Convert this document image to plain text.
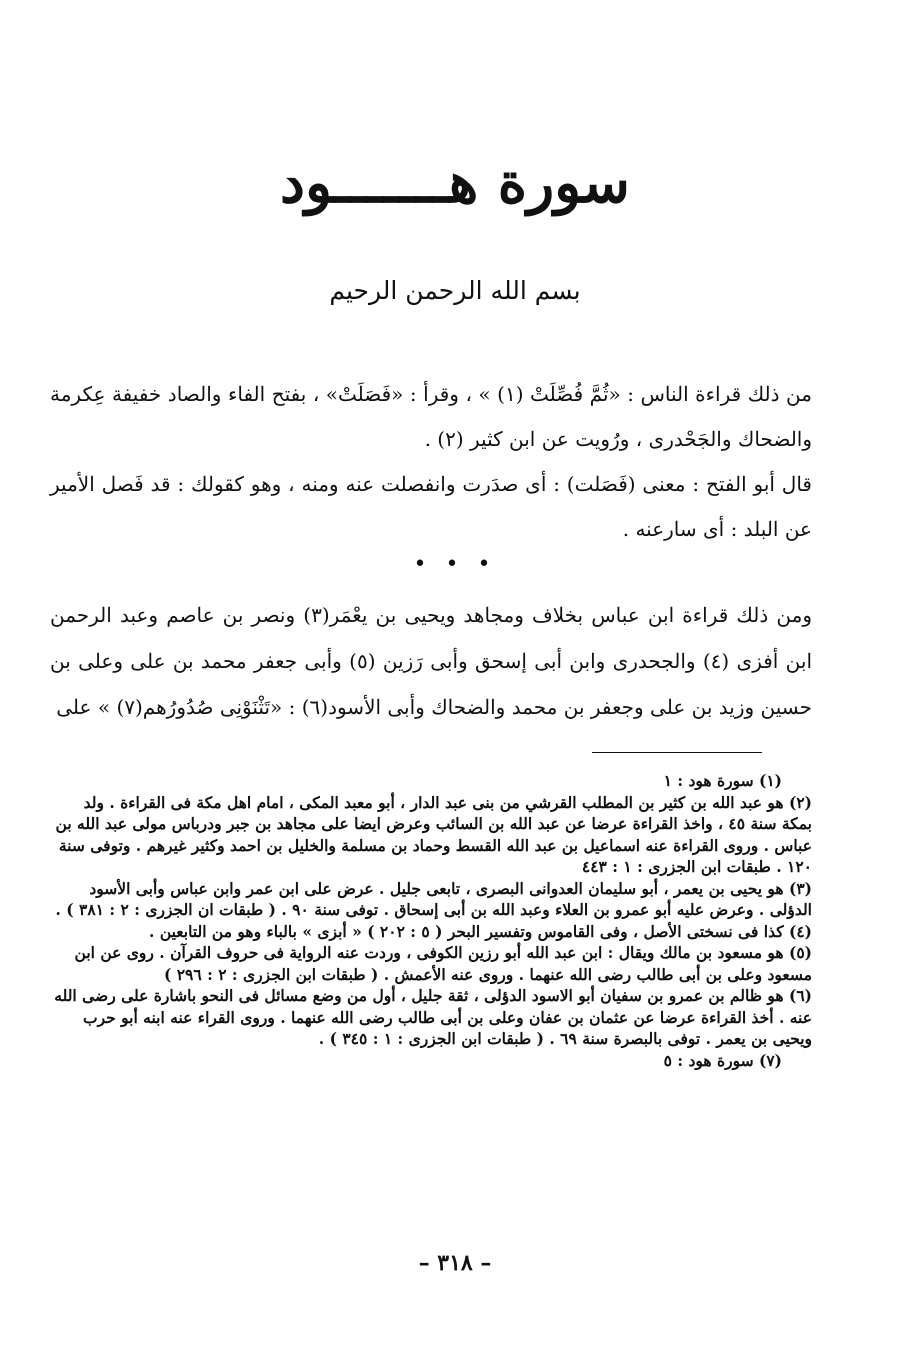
سورة هـــــــود
بسم الله الرحمن الرحيم

من ذلك قراءة الناس : «ثُمَّ فُصِّلَتْ (١) » ، وقرأ : «فَصَلَتْ» ، بفتح الفاء والصاد خفيفة عِكرمة والضحاك والجَحْدرى ، ورُويت عن ابن كثير (٢) .

قال أبو الفتح : معنى (فَصَلت) : أى صدَرت وانفصلت عنه ومنه ، وهو كقولك : قد فَصل الأمير عن البلد : أى سارعنه .

• • •

ومن ذلك قراءة ابن عباس بخلاف ومجاهد ويحيى بن يعْمَر(٣) ونصر بن عاصم وعبد الرحمن ابن أفزى (٤) والجحدرى وابن أبى إسحق وأبى رَزين (٥) وأبى جعفر محمد بن على وعلى بن حسين وزيد بن على وجعفر بن محمد والضحاك وأبى الأسود(٦) : «تَثْنَوْنِى صُدُورُهم(٧) » على

(١) سورة هود : ١

(٢) هو عبد الله بن كثير بن المطلب القرشي من بنى عبد الدار ، أبو معبد المكى ، امام اهل مكة فى القراءة . ولد بمكة سنة ٤٥ ، واخذ القراءة عرضا عن عبد الله بن السائب وعرض ايضا على مجاهد بن جبر ودرباس مولى عبد الله بن عباس . وروى القراءة عنه اسماعيل بن عبد الله القسط وحماد بن مسلمة والخليل بن احمد وكثير غيرهم . وتوفى سنة ١٢٠ . طبقات ابن الجزرى : ١ : ٤٤٣

(٣) هو يحيى بن يعمر ، أبو سليمان العدوانى البصرى ، تابعى جليل . عرض على ابن عمر وابن عباس وأبى الأسود الدؤلى . وعرض عليه أبو عمرو بن العلاء وعبد الله بن أبى إسحاق . توفى سنة ٩٠ . ( طبقات ان الجزرى : ٢ : ٣٨١ ) .

(٤) كذا فى نسختى الأصل ، وفى القاموس وتفسير البحر ( ٥ : ٢٠٢ ) « أبزى » بالباء وهو من التابعين .

(٥) هو مسعود بن مالك ويقال : ابن عبد الله أبو رزين الكوفى ، وردت عنه الرواية فى حروف القرآن . روى عن ابن مسعود وعلى بن أبى طالب رضى الله عنهما . وروى عنه الأعمش . ( طبقات ابن الجزرى : ٢ : ٢٩٦ )

(٦) هو ظالم بن عمرو بن سفيان أبو الاسود الدؤلى ، ثقة جليل ، أول من وضع مسائل فى النحو باشارة على رضى الله عنه . أخذ القراءة عرضا عن عثمان بن عفان وعلى بن أبى طالب رضى الله عنهما . وروى القراء عنه ابنه أبو حرب ويحيى بن يعمر . توفى بالبصرة سنة ٦٩ . ( طبقات ابن الجزرى : ١ : ٣٤٥ ) .

(٧) سورة هود : ٥

– ٣١٨ –
